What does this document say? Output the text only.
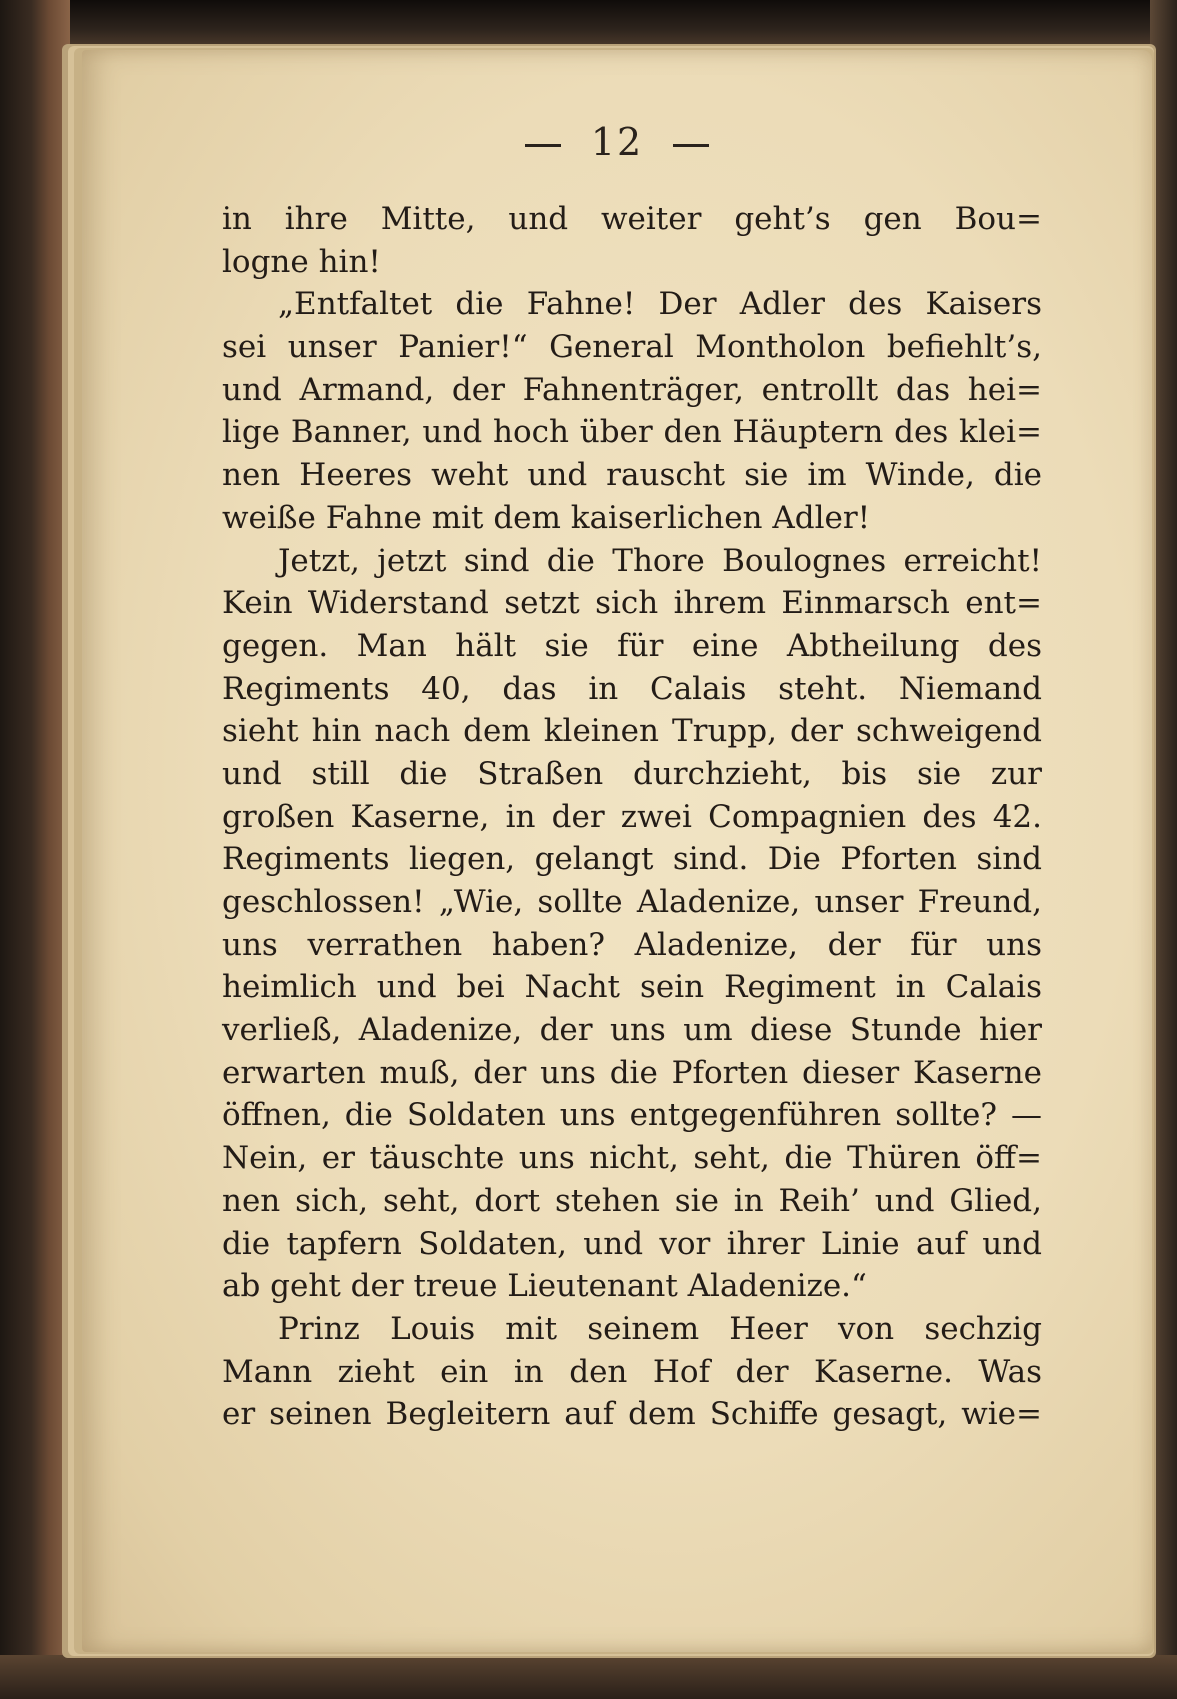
12
in ihre Mitte, und weiter geht’s gen Bou=
logne hin!
„Entfaltet die Fahne! Der Adler des Kaisers
sei unser Panier!“ General Montholon befiehlt’s,
und Armand, der Fahnenträger, entrollt das hei=
lige Banner, und hoch über den Häuptern des klei=
nen Heeres weht und rauscht sie im Winde, die
weiße Fahne mit dem kaiserlichen Adler!
Jetzt, jetzt sind die Thore Boulognes erreicht!
Kein Widerstand setzt sich ihrem Einmarsch ent=
gegen. Man hält sie für eine Abtheilung des
Regiments 40, das in Calais steht. Niemand
sieht hin nach dem kleinen Trupp, der schweigend
und still die Straßen durchzieht, bis sie zur
großen Kaserne, in der zwei Compagnien des 42.
Regiments liegen, gelangt sind. Die Pforten sind
geschlossen! „Wie, sollte Aladenize, unser Freund,
uns verrathen haben? Aladenize, der für uns
heimlich und bei Nacht sein Regiment in Calais
verließ, Aladenize, der uns um diese Stunde hier
erwarten muß, der uns die Pforten dieser Kaserne
öffnen, die Soldaten uns entgegenführen sollte? —
Nein, er täuschte uns nicht, seht, die Thüren öff=
nen sich, seht, dort stehen sie in Reih’ und Glied,
die tapfern Soldaten, und vor ihrer Linie auf und
ab geht der treue Lieutenant Aladenize.“
Prinz Louis mit seinem Heer von sechzig
Mann zieht ein in den Hof der Kaserne. Was
er seinen Begleitern auf dem Schiffe gesagt, wie=
